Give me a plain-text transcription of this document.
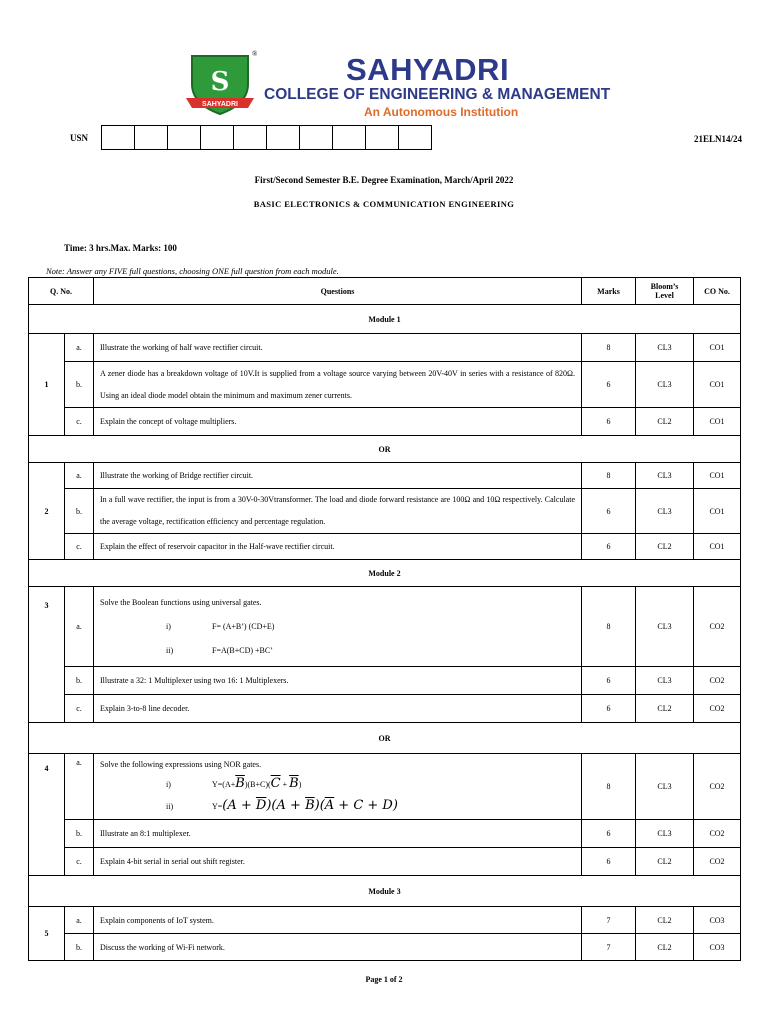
S
SAHYADRI
®	SAHYADRI
COLLEGE OF ENGINEERING & MANAGEMENT
An Autonomous Institution
USN	21ELN14/24
First/Second Semester B.E. Degree Examination, March/April 2022
BASIC ELECTRONICS & COMMUNICATION ENGINEERING
Time: 3 hrs.Max. Marks: 100
Note: Answer any FIVE full questions, choosing ONE full question from each module.
Q. No.		Questions	Marks	Bloom’s Level	CO No.
Module 1					
1	a.	Illustrate the working of half wave rectifier circuit.	8	CL3	CO1
	b.	A zener diode has a breakdown voltage of 10V.It is supplied from a voltage source varying between 20V-40V in series with a resistance of 820Ω. Using an ideal diode model obtain the minimum and maximum zener currents.	6	CL3	CO1
	c.	Explain the concept of voltage multipliers.	6	CL2	CO1
OR					
2	a.	Illustrate the working of Bridge rectifier circuit.	8	CL3	CO1
	b.	In a full wave rectifier, the input is from a 30V-0-30Vtransformer. The load and diode forward resistance are 100Ω and 10Ω respectively. Calculate the average voltage, rectification efficiency and percentage regulation.	6	CL3	CO1
	c.	Explain the effect of reservoir capacitor in the Half-wave rectifier circuit.	6	CL2	CO1
Module 2					
3	a.	Solve the Boolean functions using universal gates.
i) F= (A+B’) (CD+E)
ii) F=A(B+CD) +BC’	8	CL3	CO2
	b.	Illustrate a 32: 1 Multiplexer using two 16: 1 Multiplexers.	6	CL3	CO2
	c.	Explain 3-to-8 line decoder.	6	CL2	CO2
OR					
4	a.	Solve the following expressions using NOR gates.
i) $Y=(A+\overline{B})(B+C)(\overline{C} + \overline{B})$
ii) $Y=(A + \overline{D})(A + \overline{B})(\overline{A} + C + D)$	8	CL3	CO2
	b.	Illustrate an 8:1 multiplexer.	6	CL3	CO2
	c.	Explain 4-bit serial in serial out shift register.	6	CL2	CO2
Module 3					
5	a.	Explain components of IoT system.	7	CL2	CO3
	b.	Discuss the working of Wi-Fi network.	7	CL2	CO3
Page 1 of 2
